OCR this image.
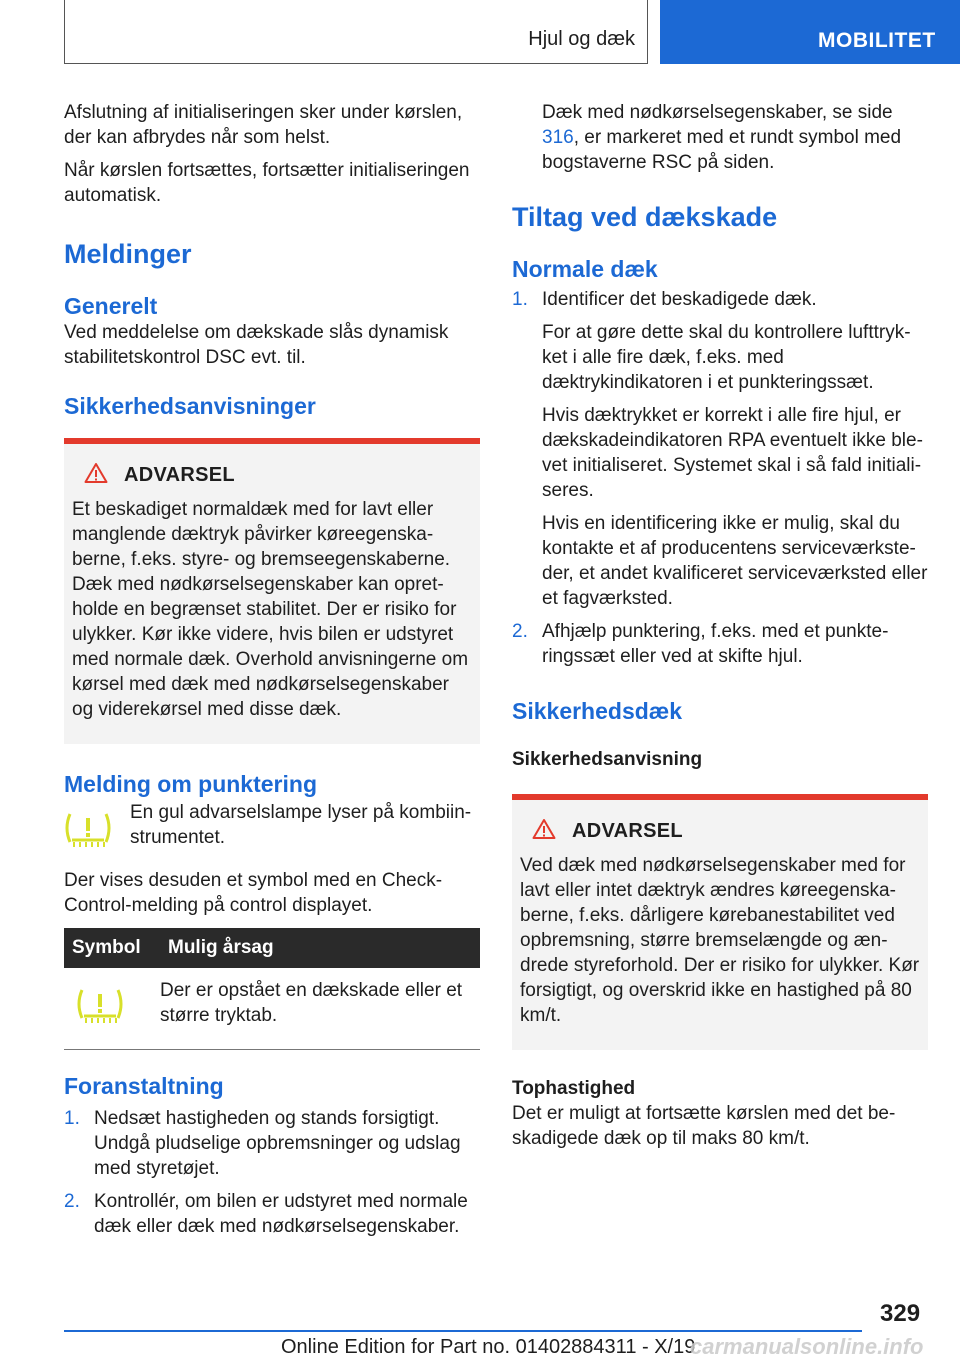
Hjul og dæk	MOBILITET

Afslutning af initialiseringen sker under kørslen, der kan afbrydes når som helst.

Når kørslen fortsættes, fortsætter initialiseringen automatisk.

Meldinger
Generelt

Ved meddelelse om dækskade slås dynamisk stabilitetskontrol DSC evt. til.

Sikkerhedsanvisninger
ADVARSEL

Et beskadiget normaldæk med for lavt eller manglende dæktryk påvirker køreegenskaberne, f.eks. styre- og bremseegenskaberne. Dæk med nødkørselsegenskaber kan opretholde en begrænset stabilitet. Der er risiko for ulykker. Kør ikke videre, hvis bilen er udstyret med normale dæk. Overhold anvisningerne om kørsel med dæk med nødkørselsegenskaber og viderekørsel med disse dæk.

Melding om punktering

En gul advarselslampe lyser på kombiinstrumentet.

Der vises desuden et symbol med en Check-Control-melding på control displayet.

Symbol	Mulig årsag

Der er opstået en dækskade eller et større tryktab.

Foranstaltning
1. Nedsæt hastigheden og stands forsigtigt. Undgå pludselige opbremsninger og udslag med styretøjet.

2. Kontrollér, om bilen er udstyret med normale dæk eller dæk med nødkørselsegenskaber.

Dæk med nødkørselsegenskaber, se side 316, er markeret med et rundt symbol med bogstaverne RSC på siden.

Tiltag ved dækskade
Normale dæk
1. Identificer det beskadigede dæk.

For at gøre dette skal du kontrollere lufttrykket i alle fire dæk, f.eks. med dæktrykindikatoren i et punkteringssæt.

Hvis dæktrykket er korrekt i alle fire hjul, er dækskadeindikatoren RPA eventuelt ikke blevet initialiseret. Systemet skal i så fald initialiseres.

Hvis en identificering ikke er mulig, skal du kontakte et af producentens serviceværksteder, et andet kvalificeret serviceværksted eller et fagværksted.

2. Afhjælp punktering, f.eks. med et punkteringssæt eller ved at skifte hjul.

Sikkerhedsdæk
Sikkerhedsanvisning
ADVARSEL

Ved dæk med nødkørselsegenskaber med for lavt eller intet dæktryk ændres køreegenskaberne, f.eks. dårligere kørebanestabilitet ved opbremsning, større bremselængde og ændrede styreforhold. Der er risiko for ulykker. Kør forsigtigt, og overskrid ikke en hastighed på 80 km/t.

Tophastighed

Det er muligt at fortsætte kørslen med det beskadigede dæk op til maks 80 km/t.

329
Online Edition for Part no. 01402884311 - X/19
carmanualsonline.info
